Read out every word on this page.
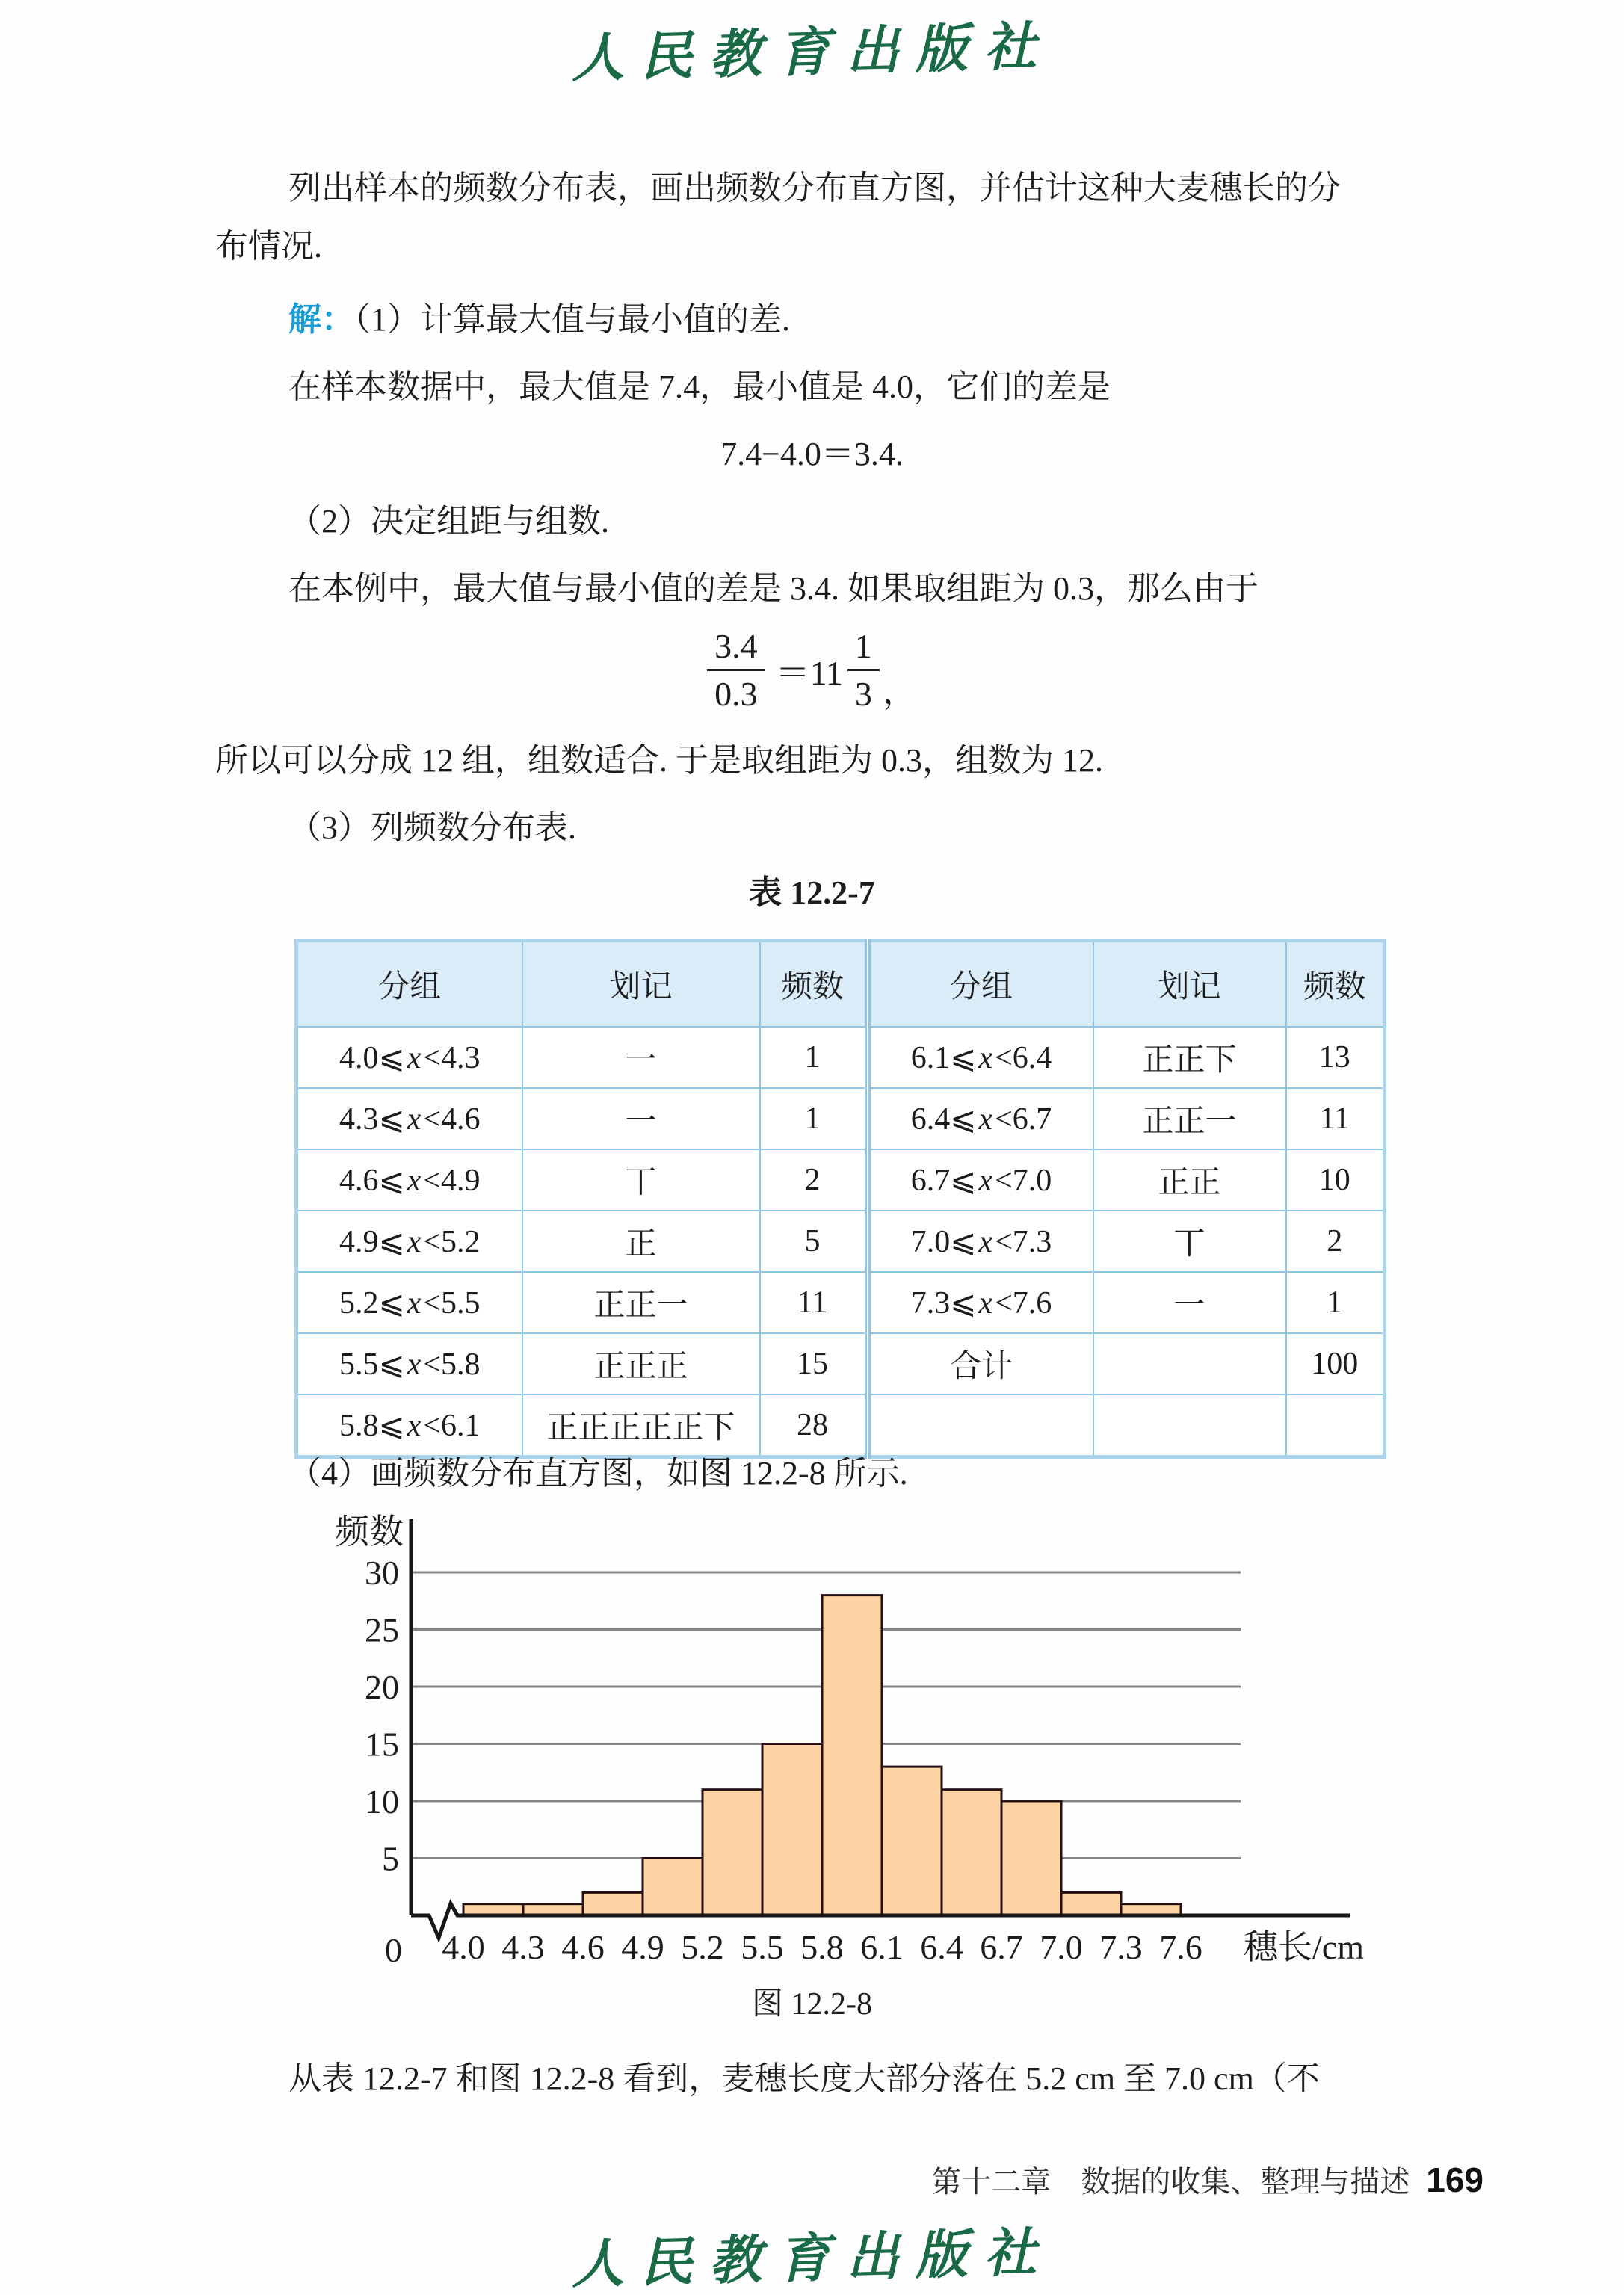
人民教育出版社
列出样本的频数分布表，画出频数分布直方图，并估计这种大麦穗长的分
布情况.
解：（1）计算最大值与最小值的差.
在样本数据中，最大值是 7.4，最小值是 4.0，它们的差是
7.4−4.0＝3.4.
（2）决定组距与组数.
在本例中，最大值与最小值的差是 3.4. 如果取组距为 0.3，那么由于
$\frac{3.4}{0.3} =11 \frac{1}{3}$ ，
所以可以分成 12 组，组数适合. 于是取组距为 0.3，组数为 12.
（3）列频数分布表.
表 12.2-7
分组	划记	频数	分组	划记	频数
4.0⩽x<4.3	一	1	6.1⩽x<6.4	正正下	13
4.3⩽x<4.6	一	1	6.4⩽x<6.7	正正一	11
4.6⩽x<4.9	丅	2	6.7⩽x<7.0	正正	10
4.9⩽x<5.2	正	5	7.0⩽x<7.3	丅	2
5.2⩽x<5.5	正正一	11	7.3⩽x<7.6	一	1
5.5⩽x<5.8	正正正	15	合计		100
5.8⩽x<6.1	正正正正正下	28			
（4）画频数分布直方图，如图 12.2-8 所示.
5
10
15
20
25
30
0 4.0 4.3 4.6 4.9 5.2 5.5 5.8 6.1 6.4 6.7 7.0 7.3 7.6
频数
穗长/cm
图 12.2-8
从表 12.2-7 和图 12.2-8 看到，麦穗长度大部分落在 5.2 cm 至 7.0 cm（不
第十二章　数据的收集、整理与描述 169
人民教育出版社
